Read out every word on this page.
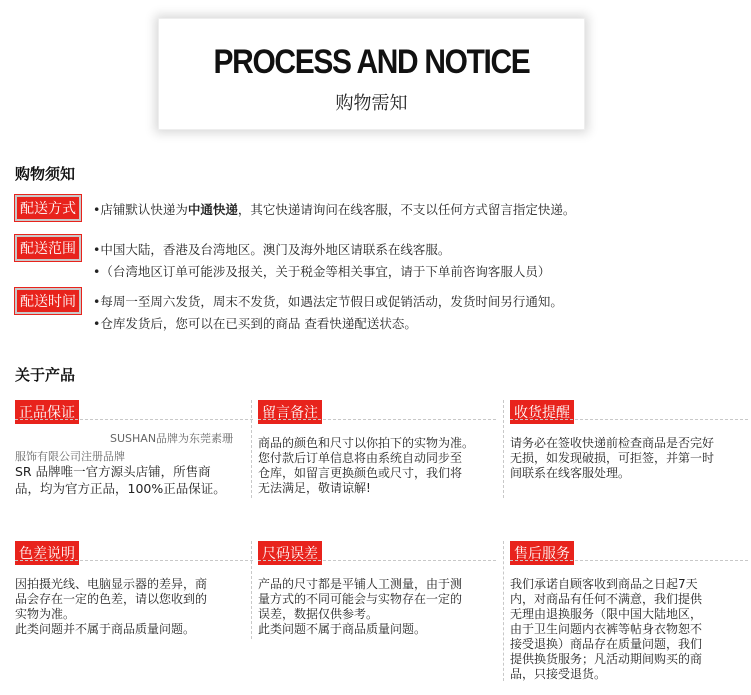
PROCESS AND NOTICE
购物需知
购物须知
配送方式	•店铺默认快递为中通快递，其它快递请询问在线客服，不支以任何方式留言指定快递。
配送范围	•中国大陆，香港及台湾地区。澳门及海外地区请联系在线客服。
•（台湾地区订单可能涉及报关，关于税金等相关事宜，请于下单前咨询客服人员）
配送时间	•每周一至周六发货，周末不发货，如遇法定节假日或促销活动，发货时间另行通知。
•仓库发货后，您可以在已买到的商品 查看快递配送状态。
关于产品
正品保证
SUSHAN品牌为东莞素珊
服饰有限公司注册品牌
SR 品牌唯一官方源头店铺，所售商
品，均为官方正品，100%正品保证。
留言备注
商品的颜色和尺寸以你拍下的实物为准。
您付款后订单信息将由系统自动同步至
仓库，如留言更换颜色或尺寸，我们将
无法满足，敬请谅解!
收货提醒
请务必在签收快递前检查商品是否完好
无损，如发现破损，可拒签，并第一时
间联系在线客服处理。
色差说明
因拍摄光线、电脑显示器的差异，商
品会存在一定的色差，请以您收到的
实物为准。
此类问题并不属于商品质量问题。
尺码误差
产品的尺寸都是平铺人工测量，由于测
量方式的不同可能会与实物存在一定的
误差，数据仅供参考。
此类问题不属于商品质量问题。
售后服务
我们承诺自顾客收到商品之日起7天
内，对商品有任何不满意，我们提供
无理由退换服务（限中国大陆地区，
由于卫生问题内衣裤等帖身衣物恕不
接受退换）商品存在质量问题，我们
提供换货服务；凡活动期间购买的商
品，只接受退货。
